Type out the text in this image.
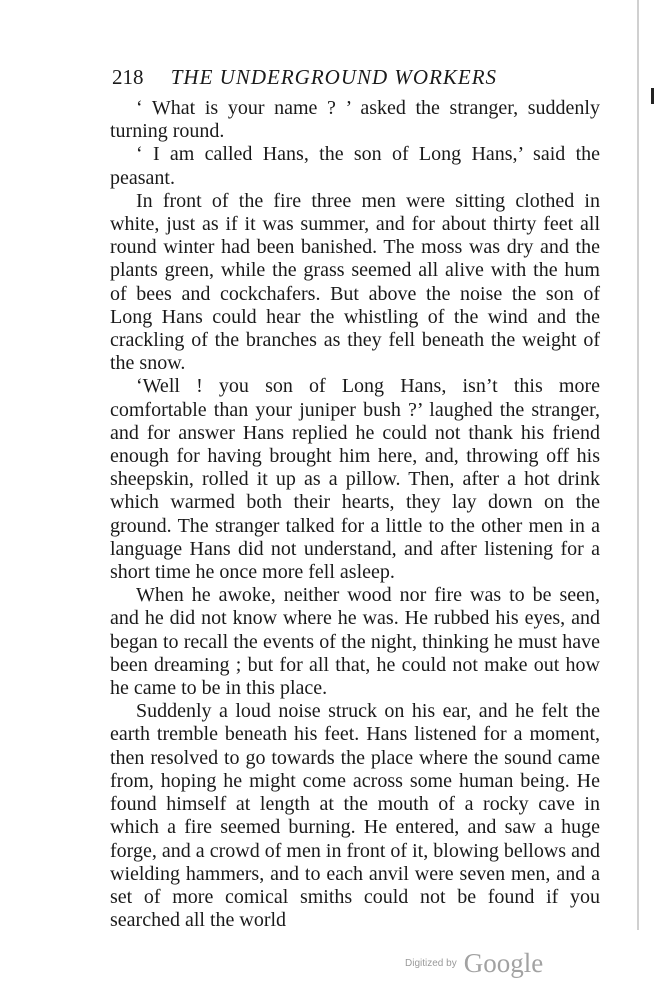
218 THE UNDERGROUND WORKERS

‘ What is your name ? ’ asked the stranger, suddenly turning round.

‘ I am called Hans, the son of Long Hans,’ said the peasant.

In front of the fire three men were sitting clothed in white, just as if it was summer, and for about thirty feet all round winter had been banished. The moss was dry and the plants green, while the grass seemed all alive with the hum of bees and cockchafers. But above the noise the son of Long Hans could hear the whistling of the wind and the crackling of the branches as they fell beneath the weight of the snow.

‘Well ! you son of Long Hans, isn’t this more comfortable than your juniper bush ?’ laughed the stranger, and for answer Hans replied he could not thank his friend enough for having brought him here, and, throwing off his sheepskin, rolled it up as a pillow. Then, after a hot drink which warmed both their hearts, they lay down on the ground. The stranger talked for a little to the other men in a language Hans did not understand, and after listening for a short time he once more fell asleep.

When he awoke, neither wood nor fire was to be seen, and he did not know where he was. He rubbed his eyes, and began to recall the events of the night, thinking he must have been dreaming ; but for all that, he could not make out how he came to be in this place.

Suddenly a loud noise struck on his ear, and he felt the earth tremble beneath his feet. Hans listened for a moment, then resolved to go towards the place where the sound came from, hoping he might come across some human being. He found himself at length at the mouth of a rocky cave in which a fire seemed burning. He entered, and saw a huge forge, and a crowd of men in front of it, blowing bellows and wielding hammers, and to each anvil were seven men, and a set of more comical smiths could not be found if you searched all the world

$^{Digitized by}$ Google
